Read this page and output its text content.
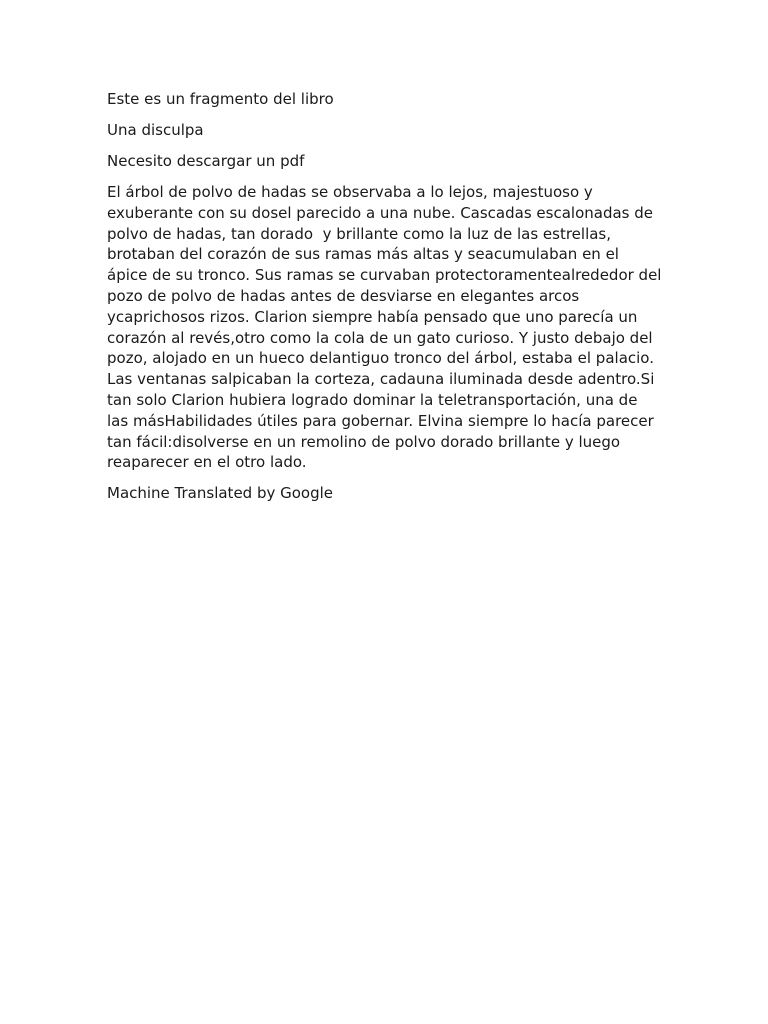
Este es un fragmento del libro

Una disculpa

Necesito descargar un pdf

El árbol de polvo de hadas se observaba a lo lejos, majestuoso y exuberante con su dosel parecido a una nube. Cascadas escalonadas de polvo de hadas, tan dorado  y brillante como la luz de las estrellas, brotaban del corazón de sus ramas más altas y seacumulaban en el ápice de su tronco. Sus ramas se curvaban protectoramentealrededor del pozo de polvo de hadas antes de desviarse en elegantes arcos ycaprichosos rizos. Clarion siempre había pensado que uno parecía un corazón al revés,otro como la cola de un gato curioso. Y justo debajo del pozo, alojado en un hueco delantiguo tronco del árbol, estaba el palacio. Las ventanas salpicaban la corteza, cadauna iluminada desde adentro.Si tan solo Clarion hubiera logrado dominar la teletransportación, una de las másHabilidades útiles para gobernar. Elvina siempre lo hacía parecer tan fácil:disolverse en un remolino de polvo dorado brillante y luego reaparecer en el otro lado.

Machine Translated by Google
